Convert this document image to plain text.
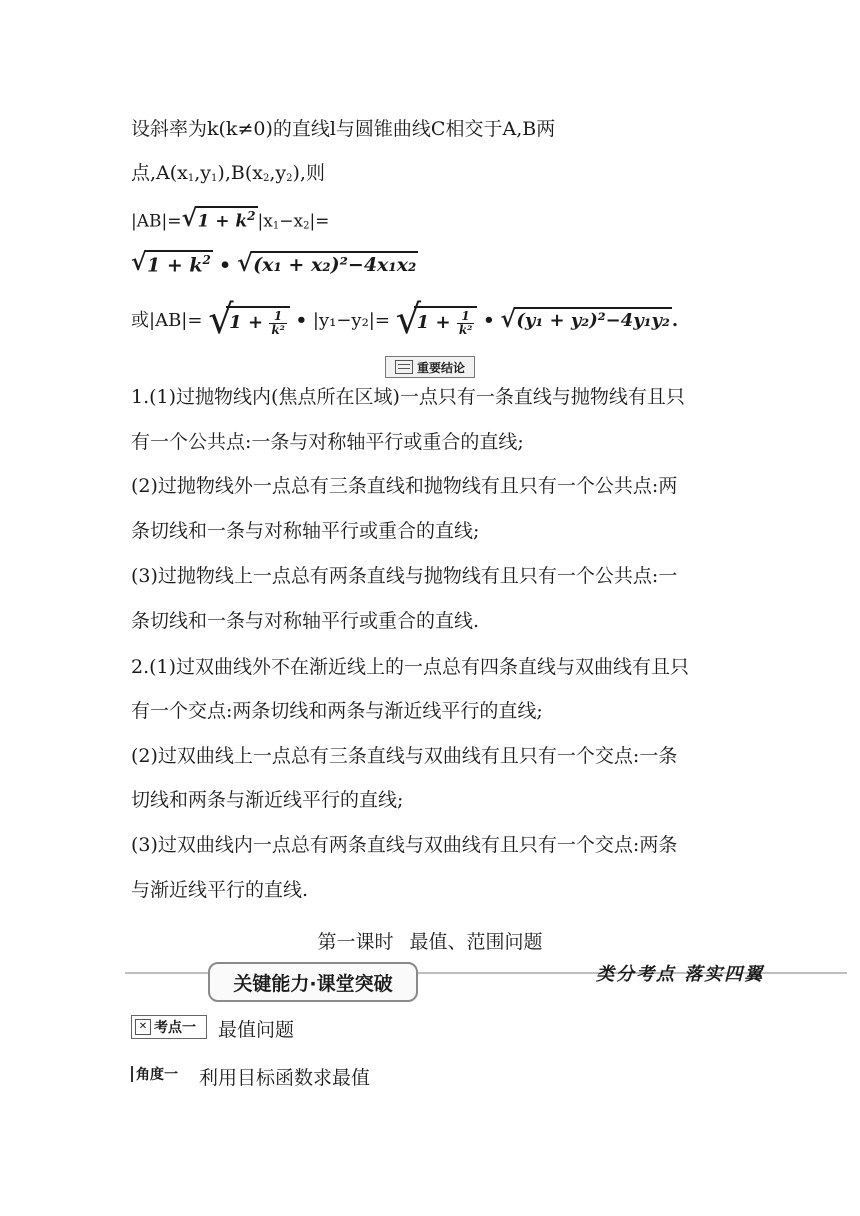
设斜率为k(k≠0)的直线l与圆锥曲线C相交于A,B两
点$,A(x_1,y_1),B(x_2,y_2)$,则
|AB|= √ $1 + k^2$ $|x_1-x_2|=$
√ $1 + k^2$ • √ (x₁ + x₂)²−4x₁x₂
或|AB|= √
$1 + \frac{1}{\text{k²}}$ • |y₁−y₂|= √
$1 + \frac{1}{\text{k²}}$ • √ (y₁ + y₂)²−4y₁y₂ .
重要结论
1.(1)过抛物线内(焦点所在区域)一点只有一条直线与抛物线有且只
有一个公共点:一条与对称轴平行或重合的直线;
(2)过抛物线外一点总有三条直线和抛物线有且只有一个公共点:两
条切线和一条与对称轴平行或重合的直线;
(3)过抛物线上一点总有两条直线与抛物线有且只有一个公共点:一
条切线和一条与对称轴平行或重合的直线.
2.(1)过双曲线外不在渐近线上的一点总有四条直线与双曲线有且只
有一个交点:两条切线和两条与渐近线平行的直线;
(2)过双曲线上一点总有三条直线与双曲线有且只有一个交点:一条
切线和两条与渐近线平行的直线;
(3)过双曲线内一点总有两条直线与双曲线有且只有一个交点:两条
与渐近线平行的直线.
第一课时 最值、范围问题
关键能力·课堂突破	类分考点 落实四翼
✕ 考点一 最值问题
角度一 利用目标函数求最值
